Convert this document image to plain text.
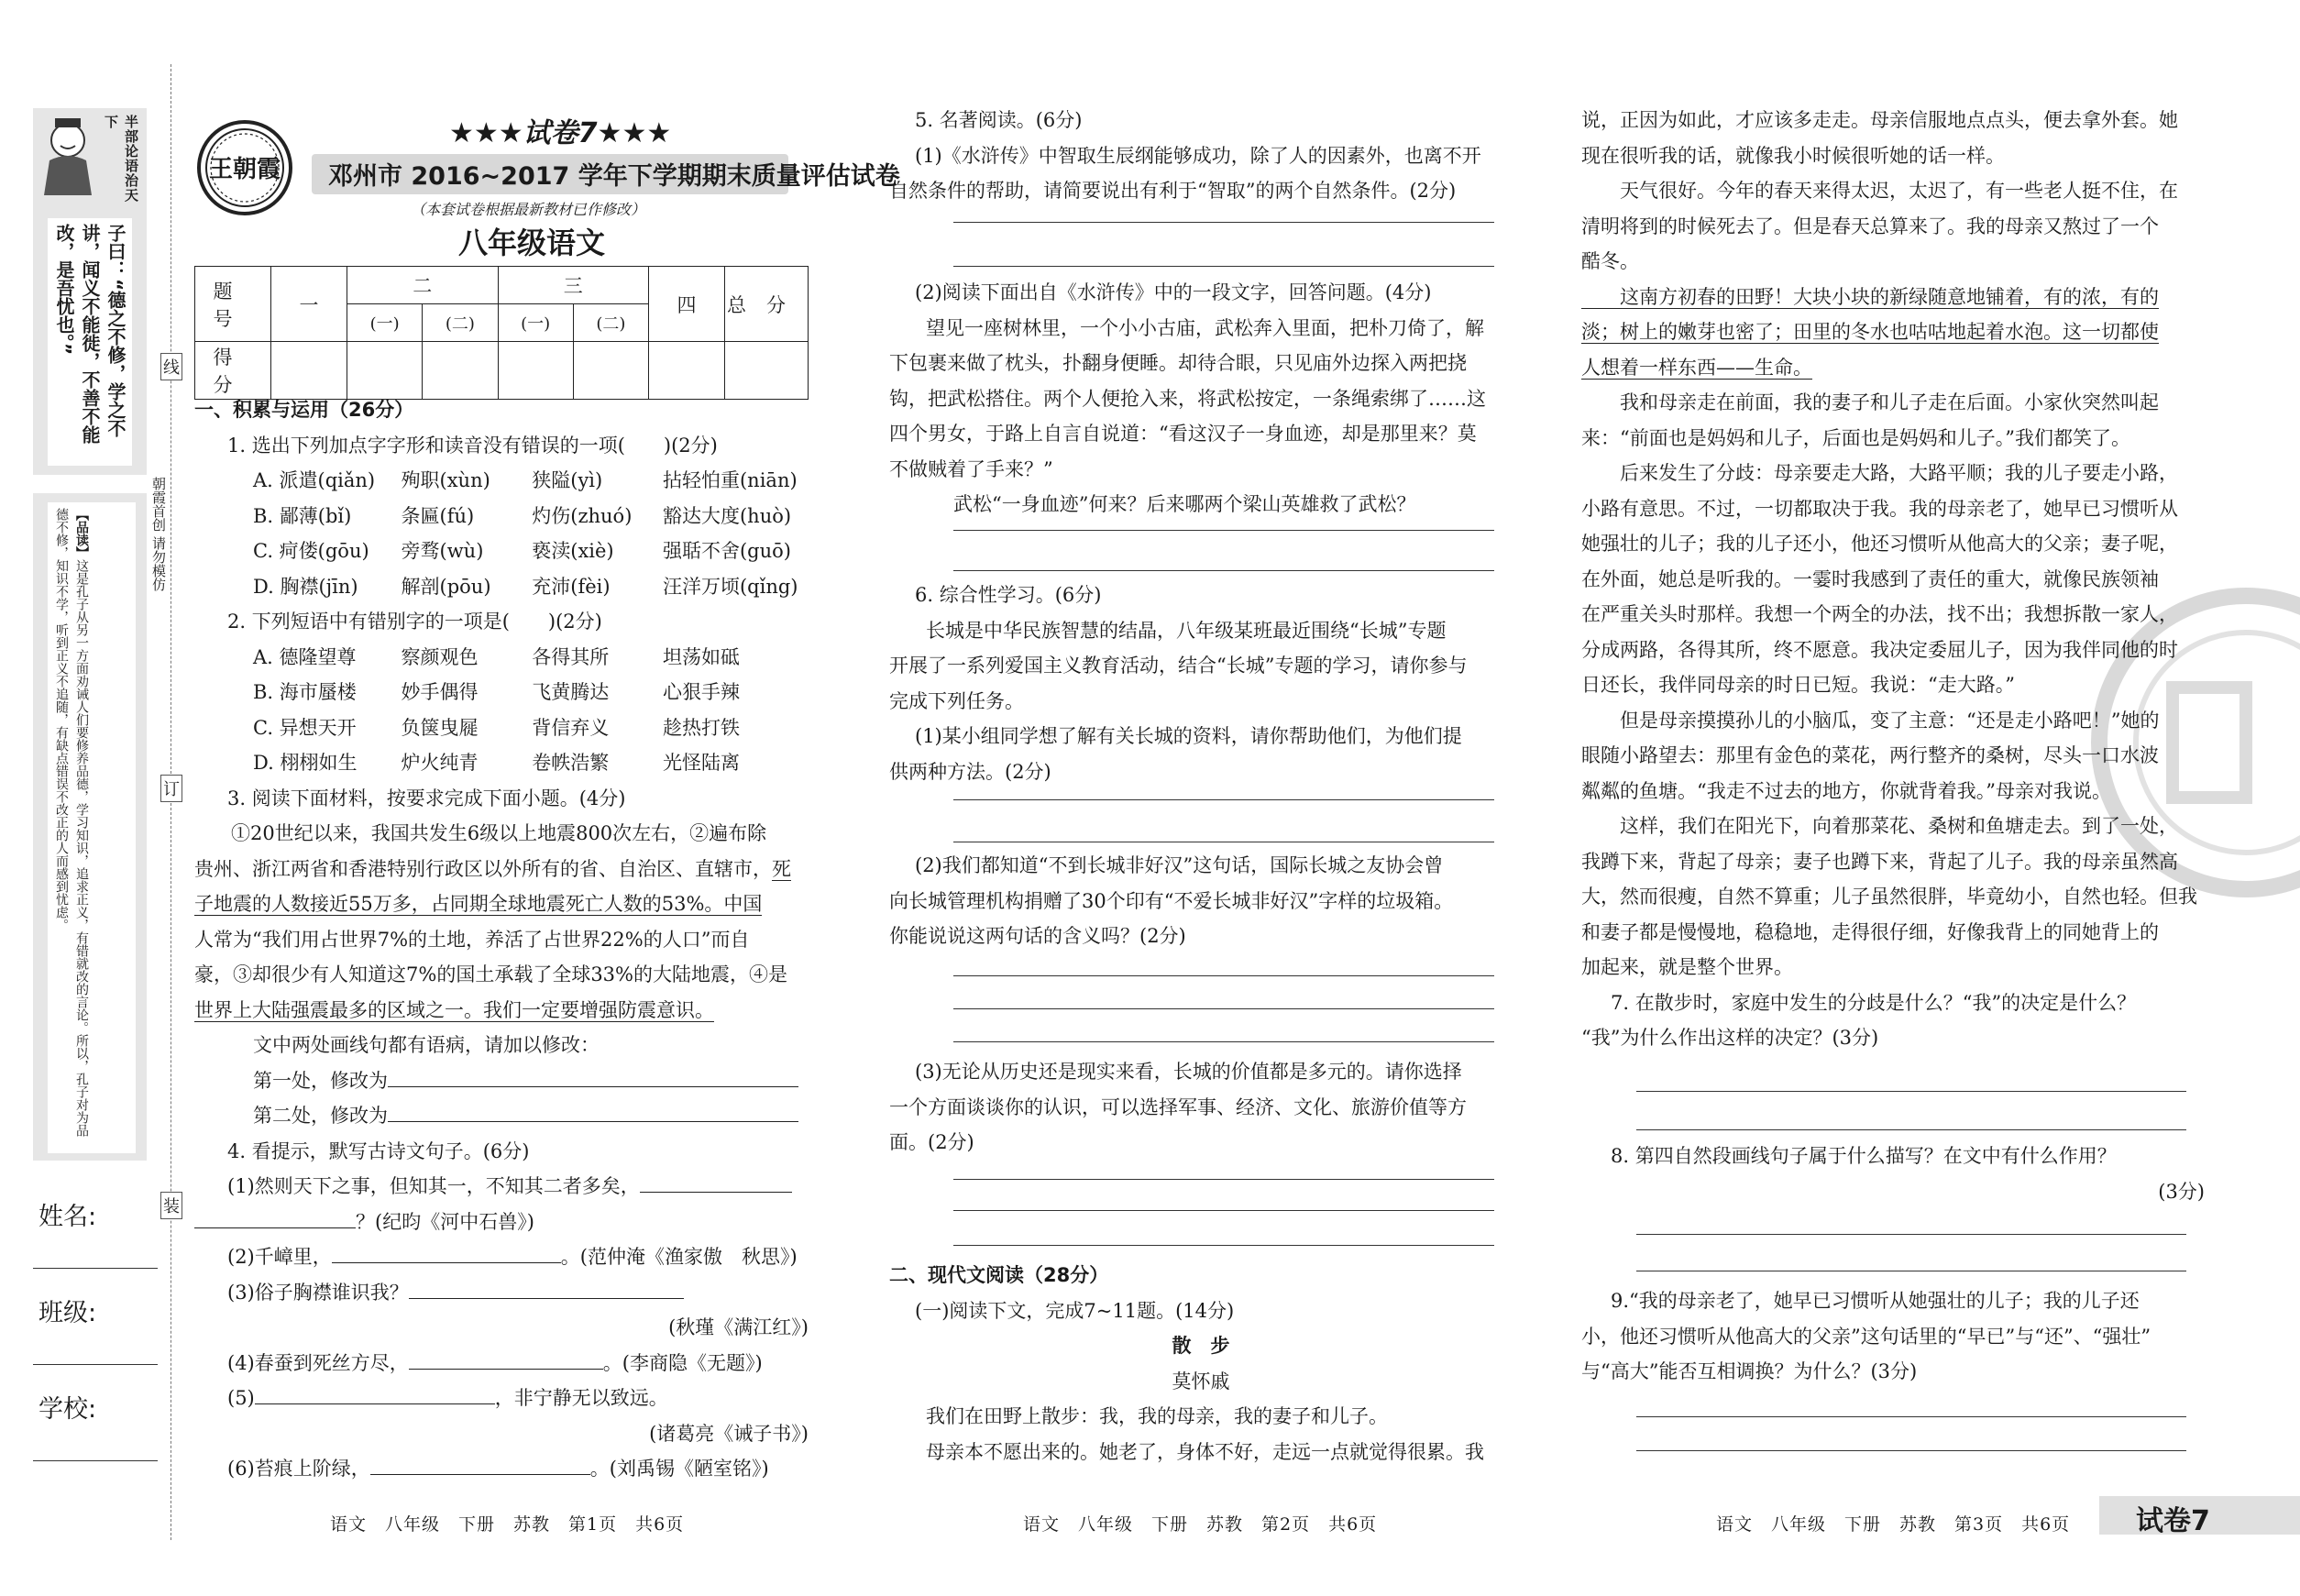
半部论语治天下
子曰：“德之不修，学之不讲，闻义不能徙，不善不能改，是吾忧也。”
【品读】这是孔子从另一方面劝诫人们要修养品德，学习知识，追求正义，有错就改的言论。所以，孔子对为品德不修，知识不学，听到正义不追随，有缺点错误不改正的人而感到忧虑。
姓名:
班级:
学校:
线
朝霞首创 请勿模仿
订
装
王朝霞
★★★试卷7★★★
邓州市 2016~2017 学年下学期期末质量评估试卷
（本套试卷根据最新教材已作修改）
八年级语文
题号	一	二		三		四	总分
		(一)	(二)	(一)	(二)		
得分							
一、积累与运用（26分）
1. 选出下列加点字字形和读音没有错误的一项(　　)(2分)
A. 派遣(qiǎn)	殉职(xùn)	狭隘(yì)	拈轻怕重(niān)
B. 鄙薄(bǐ)	条匾(fú)	灼伤(zhuó)	豁达大度(huò)
C. 疴偻(gōu)	旁骛(wù)	亵渎(xiè)	强聒不舍(guō)
D. 胸襟(jīn)	解剖(pōu)	充沛(fèi)	汪洋万顷(qǐng)
2. 下列短语中有错别字的一项是(　　)(2分)
A. 德隆望尊	察颜观色	各得其所	坦荡如砥
B. 海市蜃楼	妙手偶得	飞黄腾达	心狠手辣
C. 异想天开	负箧曳屣	背信弃义	趁热打铁
D. 栩栩如生	炉火纯青	卷帙浩繁	光怪陆离
3. 阅读下面材料，按要求完成下面小题。(4分)
①20世纪以来，我国共发生6级以上地震800次左右，②遍布除
贵州、浙江两省和香港特别行政区以外所有的省、自治区、直辖市，死
子地震的人数接近55万多，占同期全球地震死亡人数的53%。中国
人常为“我们用占世界7%的土地，养活了占世界22%的人口”而自
豪，③却很少有人知道这7%的国土承载了全球33%的大陆地震，④是
世界上大陆强震最多的区域之一。我们一定要增强防震意识。
文中两处画线句都有语病，请加以修改：
第一处，修改为
第二处，修改为
4. 看提示，默写古诗文句子。(6分)
(1)然则天下之事，但知其一，不知其二者多矣，
？(纪昀《河中石兽》)
(2)千嶂里，	。(范仲淹《渔家傲　秋思》)
(3)俗子胸襟谁识我？
(秋瑾《满江红》)
(4)春蚕到死丝方尽，	。(李商隐《无题》)
(5)	，非宁静无以致远。
(诸葛亮《诫子书》)
(6)苔痕上阶绿，	。(刘禹锡《陋室铭》)
语文　八年级　下册　苏教　第1页　共6页
5. 名著阅读。(6分)
(1)《水浒传》中智取生辰纲能够成功，除了人的因素外，也离不开
自然条件的帮助，请简要说出有利于“智取”的两个自然条件。(2分)
(2)阅读下面出自《水浒传》中的一段文字，回答问题。(4分)
望见一座树林里，一个小小古庙，武松奔入里面，把朴刀倚了，解
下包裹来做了枕头，扑翻身便睡。却待合眼，只见庙外边探入两把挠
钩，把武松搭住。两个人便抢入来，将武松按定，一条绳索绑了……这
四个男女，于路上自言自说道：“看这汉子一身血迹，却是那里来？莫
不做贼着了手来？”
武松“一身血迹”何来？后来哪两个梁山英雄救了武松？
6. 综合性学习。(6分)
长城是中华民族智慧的结晶，八年级某班最近围绕“长城”专题
开展了一系列爱国主义教育活动，结合“长城”专题的学习，请你参与
完成下列任务。
(1)某小组同学想了解有关长城的资料，请你帮助他们，为他们提
供两种方法。(2分)
(2)我们都知道“不到长城非好汉”这句话，国际长城之友协会曾
向长城管理机构捐赠了30个印有“不爱长城非好汉”字样的垃圾箱。
你能说说这两句话的含义吗？(2分)
(3)无论从历史还是现实来看，长城的价值都是多元的。请你选择
一个方面谈谈你的认识，可以选择军事、经济、文化、旅游价值等方
面。(2分)
二、现代文阅读（28分）
(一)阅读下文，完成7~11题。(14分)
散　步
莫怀戚
我们在田野上散步：我，我的母亲，我的妻子和儿子。
母亲本不愿出来的。她老了，身体不好，走远一点就觉得很累。我
语文　八年级　下册　苏教　第2页　共6页
说，正因为如此，才应该多走走。母亲信服地点点头，便去拿外套。她
现在很听我的话，就像我小时候很听她的话一样。
　　天气很好。今年的春天来得太迟，太迟了，有一些老人挺不住，在
清明将到的时候死去了。但是春天总算来了。我的母亲又熬过了一个
酷冬。
　　这南方初春的田野！大块小块的新绿随意地铺着，有的浓，有的
淡；树上的嫩芽也密了；田里的冬水也咕咕地起着水泡。这一切都使
人想着一样东西——生命。
　　我和母亲走在前面，我的妻子和儿子走在后面。小家伙突然叫起
来：“前面也是妈妈和儿子，后面也是妈妈和儿子。”我们都笑了。
　　后来发生了分歧：母亲要走大路，大路平顺；我的儿子要走小路，
小路有意思。不过，一切都取决于我。我的母亲老了，她早已习惯听从
她强壮的儿子；我的儿子还小，他还习惯听从他高大的父亲；妻子呢，
在外面，她总是听我的。一霎时我感到了责任的重大，就像民族领袖
在严重关头时那样。我想一个两全的办法，找不出；我想拆散一家人，
分成两路，各得其所，终不愿意。我决定委屈儿子，因为我伴同他的时
日还长，我伴同母亲的时日已短。我说：“走大路。”
　　但是母亲摸摸孙儿的小脑瓜，变了主意：“还是走小路吧！”她的
眼随小路望去：那里有金色的菜花，两行整齐的桑树，尽头一口水波
粼粼的鱼塘。“我走不过去的地方，你就背着我。”母亲对我说。
　　这样，我们在阳光下，向着那菜花、桑树和鱼塘走去。到了一处，
我蹲下来，背起了母亲；妻子也蹲下来，背起了儿子。我的母亲虽然高
大，然而很瘦，自然不算重；儿子虽然很胖，毕竟幼小，自然也轻。但我
和妻子都是慢慢地，稳稳地，走得很仔细，好像我背上的同她背上的
加起来，就是整个世界。
7. 在散步时，家庭中发生的分歧是什么？“我”的决定是什么？
“我”为什么作出这样的决定？(3分)
8. 第四自然段画线句子属于什么描写？在文中有什么作用？
(3分)
9.“我的母亲老了，她早已习惯听从她强壮的儿子；我的儿子还
小，他还习惯听从他高大的父亲”这句话里的“早已”与“还”、“强壮”
与“高大”能否互相调换？为什么？(3分)
语文　八年级　下册　苏教　第3页　共6页 试卷7
